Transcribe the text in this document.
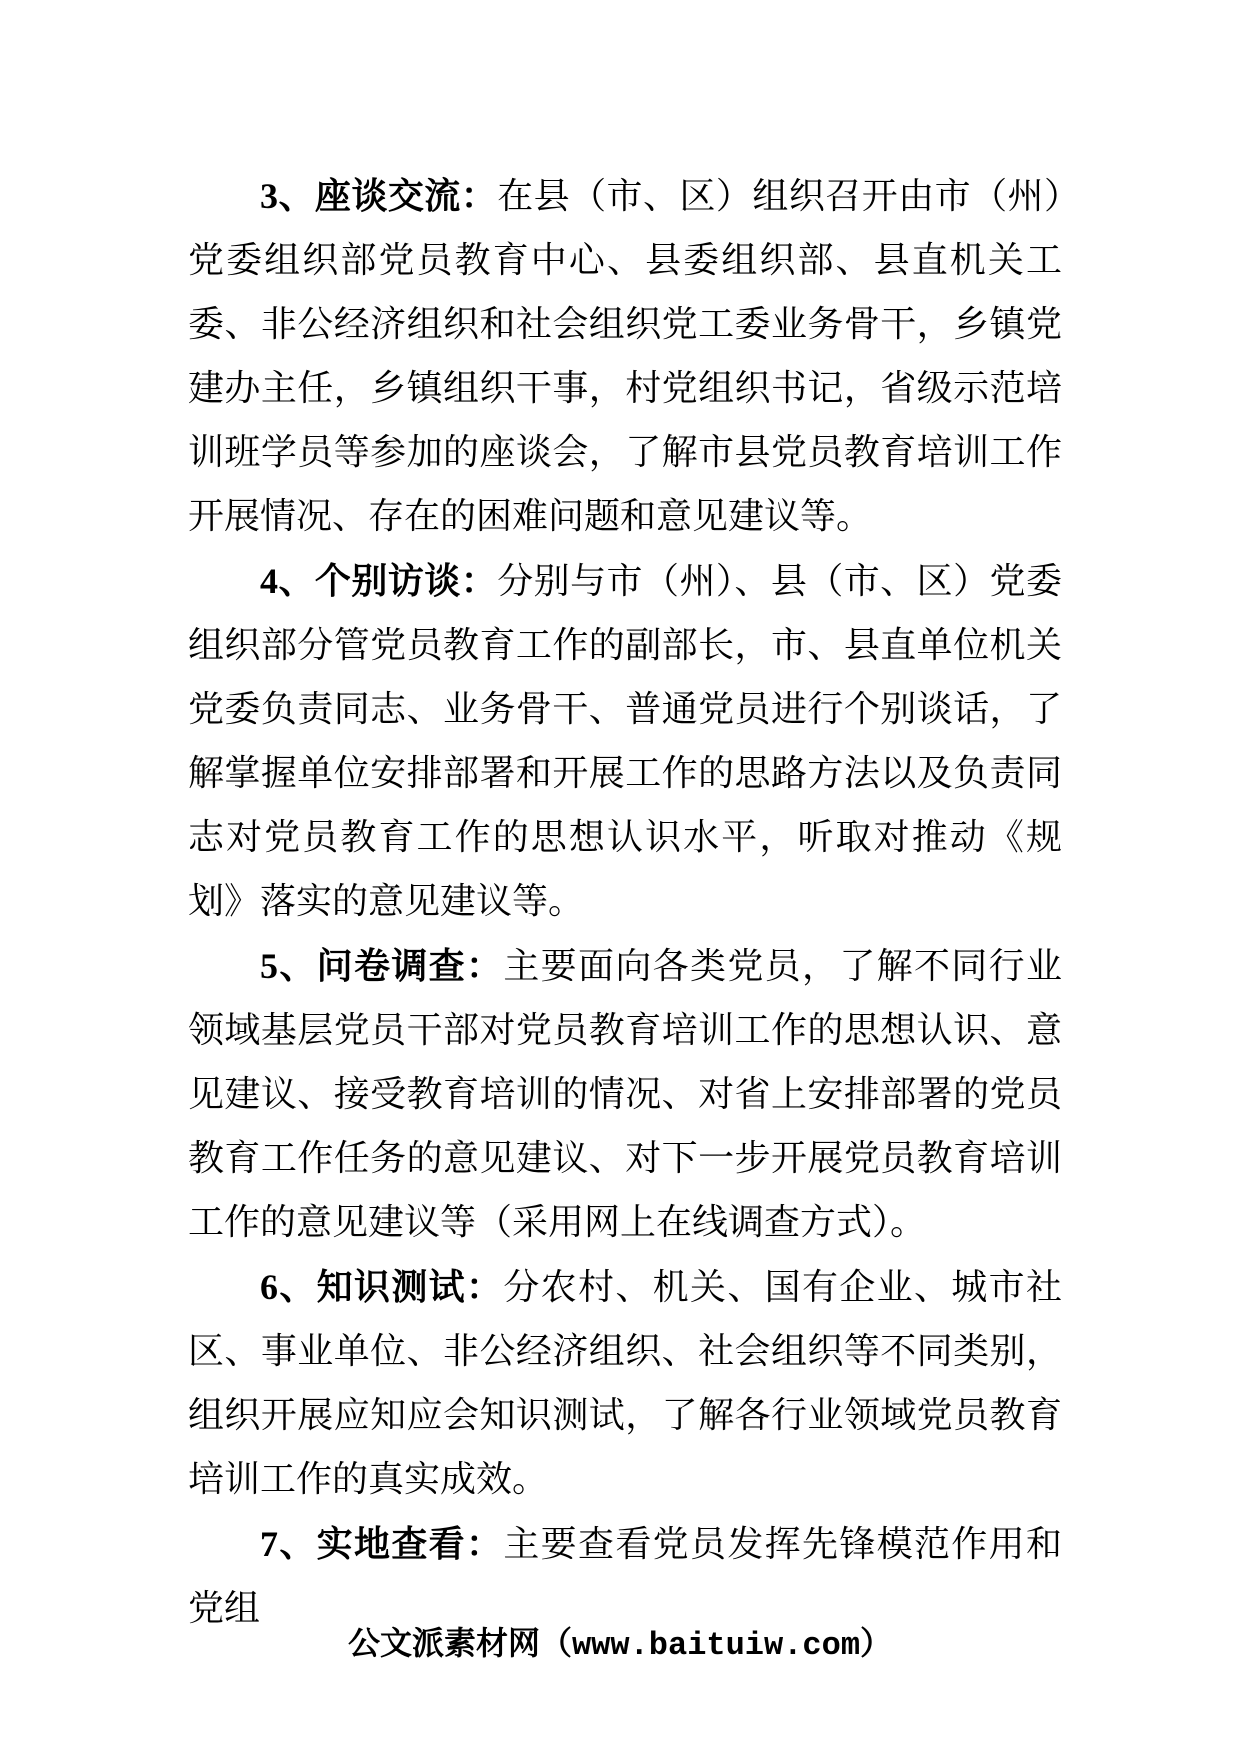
3、座谈交流：在县（市、区）组织召开由市（州）党委组织部党员教育中心、县委组织部、县直机关工委、非公经济组织和社会组织党工委业务骨干，乡镇党建办主任，乡镇组织干事，村党组织书记，省级示范培训班学员等参加的座谈会，了解市县党员教育培训工作开展情况、存在的困难问题和意见建议等。

4、个别访谈：分别与市（州）、县（市、区）党委组织部分管党员教育工作的副部长，市、县直单位机关党委负责同志、业务骨干、普通党员进行个别谈话，了解掌握单位安排部署和开展工作的思路方法以及负责同志对党员教育工作的思想认识水平，听取对推动《规划》落实的意见建议等。

5、问卷调查：主要面向各类党员，了解不同行业领域基层党员干部对党员教育培训工作的思想认识、意见建议、接受教育培训的情况、对省上安排部署的党员教育工作任务的意见建议、对下一步开展党员教育培训工作的意见建议等（采用网上在线调查方式）。

6、知识测试：分农村、机关、国有企业、城市社区、事业单位、非公经济组织、社会组织等不同类别，组织开展应知应会知识测试，了解各行业领域党员教育培训工作的真实成效。

7、实地查看：主要查看党员发挥先锋模范作用和党组

公文派素材网（www.baituiw.com）
